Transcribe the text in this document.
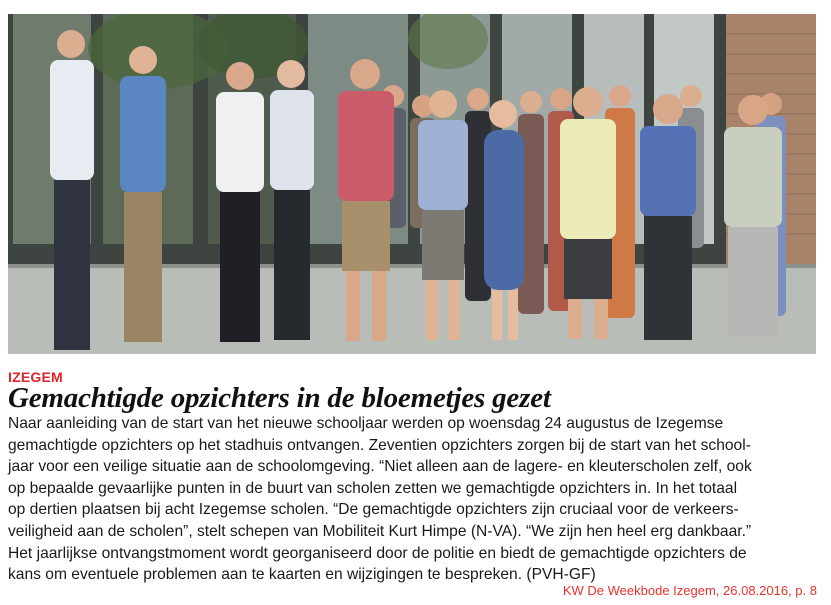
IZEGEM
Gemachtigde opzichters in de bloemetjes gezet
Naar aanleiding van de start van het nieuwe schooljaar werden op woensdag 24 augustus de Izegemse
gemachtigde opzichters op het stadhuis ontvangen. Zeventien opzichters zorgen bij de start van het school-
jaar voor een veilige situatie aan de schoolomgeving. “Niet alleen aan de lagere- en kleuterscholen zelf, ook
op bepaalde gevaarlijke punten in de buurt van scholen zetten we gemachtigde opzichters in. In het totaal
op dertien plaatsen bij acht Izegemse scholen. “De gemachtigde opzichters zijn cruciaal voor de verkeers-
veiligheid aan de scholen”, stelt schepen van Mobiliteit Kurt Himpe (N-VA). “We zijn hen heel erg dankbaar.”
Het jaarlijkse ontvangstmoment wordt georganiseerd door de politie en biedt de gemachtigde opzichters de
kans om eventuele problemen aan te kaarten en wijzigingen te bespreken. (PVH-GF)
KW De Weekbode Izegem, 26.08.2016, p. 8
